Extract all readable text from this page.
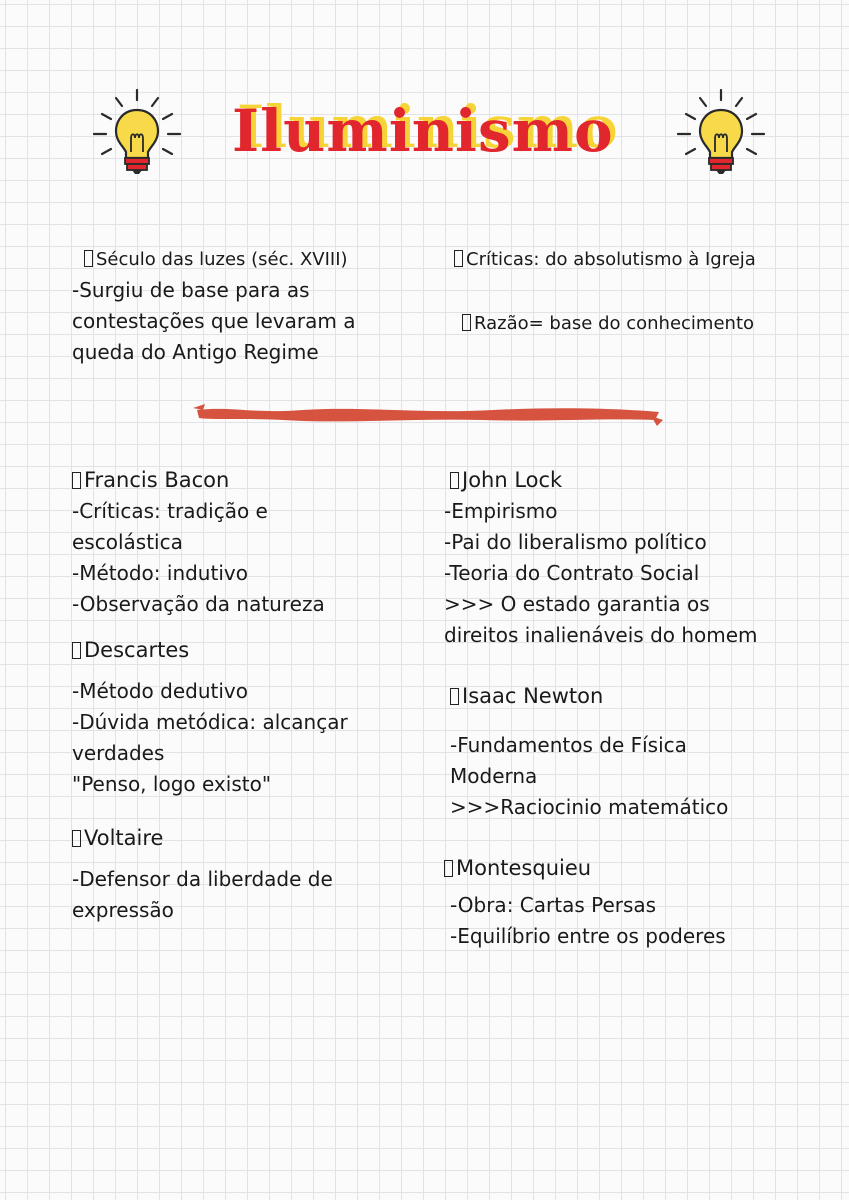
Iluminismo
Século das luzes (séc. XVIII)
-Surgiu de base para as
contestações que levaram a
queda do Antigo Regime
Críticas: do absolutismo à Igreja
Razão= base do conhecimento
Francis Bacon
-Críticas: tradição e
escolástica
-Método: indutivo
-Observação da natureza
Descartes
-Método dedutivo
-Dúvida metódica: alcançar
verdades
"Penso, logo existo"
Voltaire
-Defensor da liberdade de
expressão
John Lock
-Empirismo
-Pai do liberalismo político
-Teoria do Contrato Social
>>> O estado garantia os
direitos inalienáveis do homem
Isaac Newton
-Fundamentos de Física
Moderna
>>>Raciocinio matemático
Montesquieu
-Obra: Cartas Persas
-Equilíbrio entre os poderes
